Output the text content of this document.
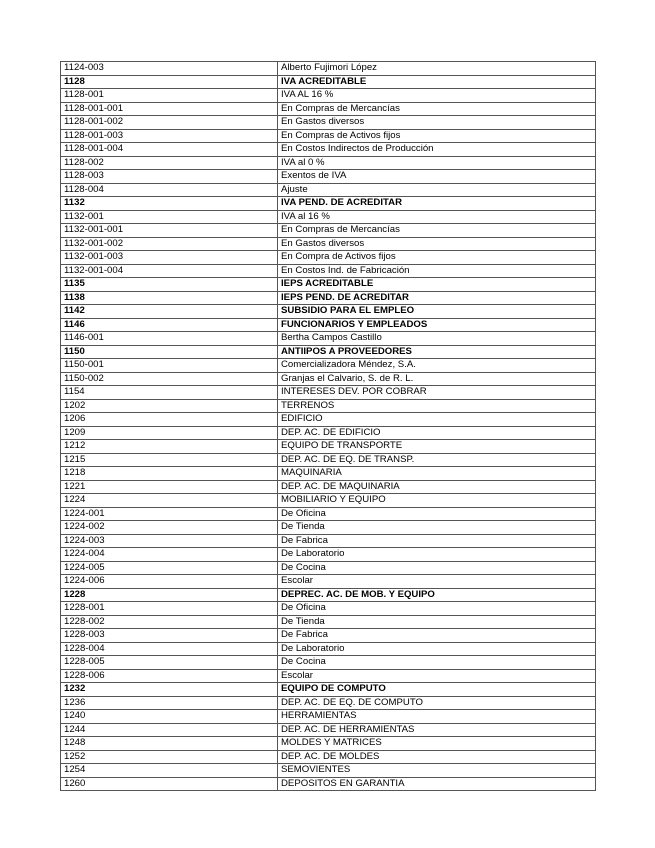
1124-003	Alberto Fujimori López
1128	IVA ACREDITABLE
1128-001	IVA AL 16 %
1128-001-001	En Compras de Mercancías
1128-001-002	En Gastos diversos
1128-001-003	En Compras de Activos fijos
1128-001-004	En Costos Indirectos de Producción
1128-002	IVA al 0 %
1128-003	Exentos de IVA
1128-004	Ajuste
1132	IVA PEND. DE ACREDITAR
1132-001	IVA al 16 %
1132-001-001	En Compras de Mercancías
1132-001-002	En Gastos diversos
1132-001-003	En Compra de Activos fijos
1132-001-004	En Costos Ind. de Fabricación
1135	IEPS ACREDITABLE
1138	IEPS PEND. DE ACREDITAR
1142	SUBSIDIO PARA EL EMPLEO
1146	FUNCIONARIOS Y EMPLEADOS
1146-001	Bertha Campos Castillo
1150	ANTIIPOS A PROVEEDORES
1150-001	Comercializadora Méndez, S.A.
1150-002	Granjas el Calvario, S. de R. L.
1154	INTERESES DEV. POR COBRAR
1202	TERRENOS
1206	EDIFICIO
1209	DEP. AC. DE EDIFICIO
1212	EQUIPO DE TRANSPORTE
1215	DEP. AC. DE EQ. DE TRANSP.
1218	MAQUINARIA
1221	DEP. AC. DE MAQUINARIA
1224	MOBILIARIO Y EQUIPO
1224-001	De Oficina
1224-002	De Tienda
1224-003	De Fabrica
1224-004	De Laboratorio
1224-005	De Cocina
1224-006	Escolar
1228	DEPREC. AC. DE MOB. Y EQUIPO
1228-001	De Oficina
1228-002	De Tienda
1228-003	De Fabrica
1228-004	De Laboratorio
1228-005	De Cocina
1228-006	Escolar
1232	EQUIPO DE COMPUTO
1236	DEP. AC. DE EQ. DE COMPUTO
1240	HERRAMIENTAS
1244	DEP. AC. DE HERRAMIENTAS
1248	MOLDES Y MATRICES
1252	DEP. AC. DE MOLDES
1254	SEMOVIENTES
1260	DEPOSITOS EN GARANTIA
